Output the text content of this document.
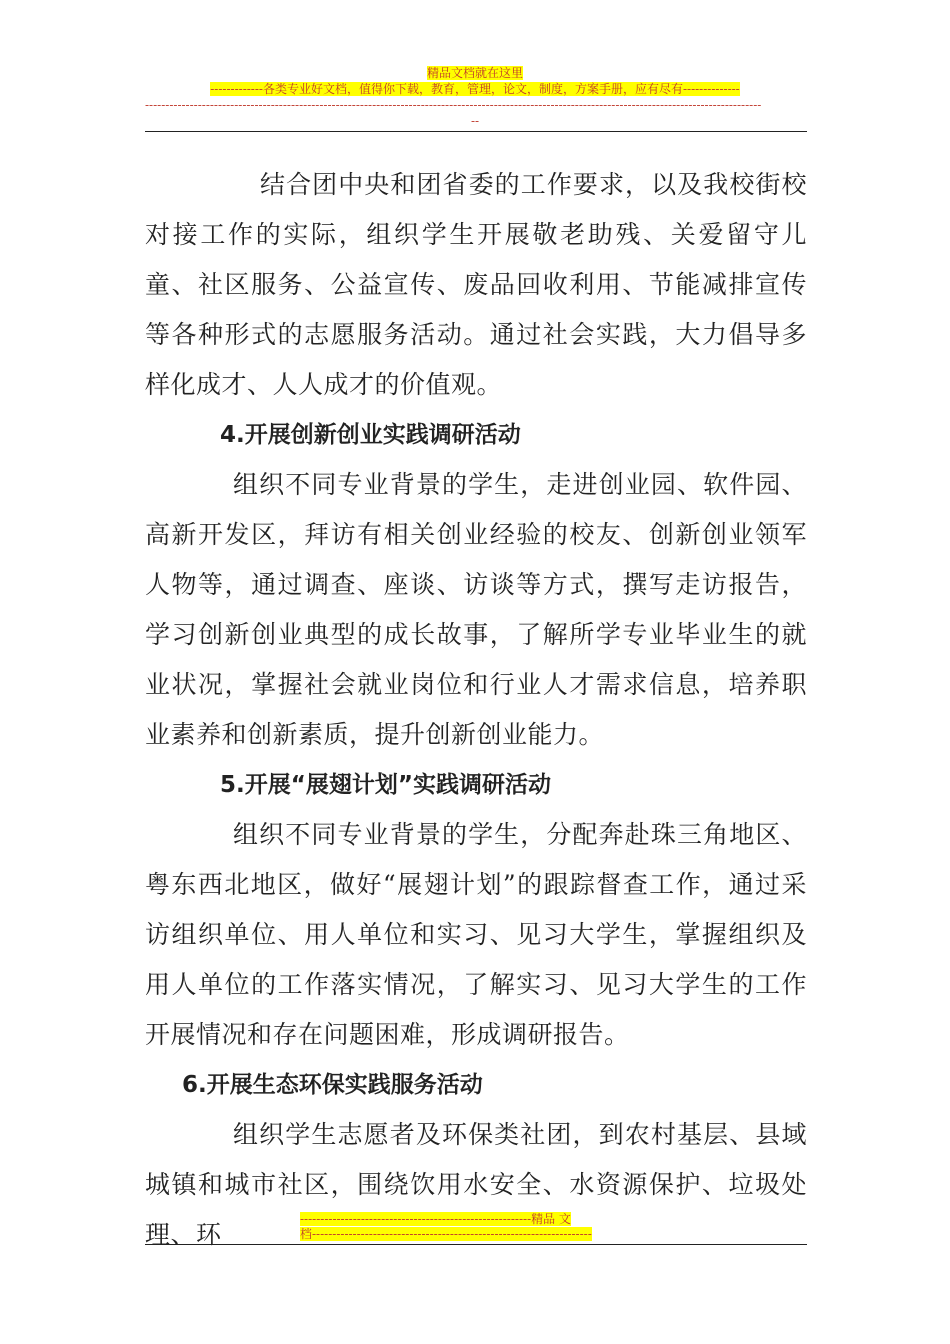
精品文档就在这里
-------------各类专业好文档，值得你下载，教育，管理，论文，制度，方案手册，应有尽有--------------
--------------------------------------------------------------------------------------------------------------------------------------------------------
--

结合团中央和团省委的工作要求，以及我校街校对接工作的实际，组织学生开展敬老助残、关爱留守儿童、社区服务、公益宣传、废品回收利用、节能减排宣传等各种形式的志愿服务活动。通过社会实践，大力倡导多样化成才、人人成才的价值观。

4.开展创新创业实践调研活动

组织不同专业背景的学生，走进创业园、软件园、高新开发区，拜访有相关创业经验的校友、创新创业领军人物等，通过调查、座谈、访谈等方式，撰写走访报告，学习创新创业典型的成长故事，了解所学专业毕业生的就业状况，掌握社会就业岗位和行业人才需求信息，培养职业素养和创新素质，提升创新创业能力。

5.开展“展翅计划”实践调研活动

组织不同专业背景的学生，分配奔赴珠三角地区、粤东西北地区，做好“展翅计划”的跟踪督查工作，通过采访组织单位、用人单位和实习、见习大学生，掌握组织及用人单位的工作落实情况，了解实习、见习大学生的工作开展情况和存在问题困难，形成调研报告。

6.开展生态环保实践服务活动

组织学生志愿者及环保类社团，到农村基层、县域城镇和城市社区，围绕饮用水安全、水资源保护、垃圾处理、环

---------------------------------------------------------精品 文
档---------------------------------------------------------------------
